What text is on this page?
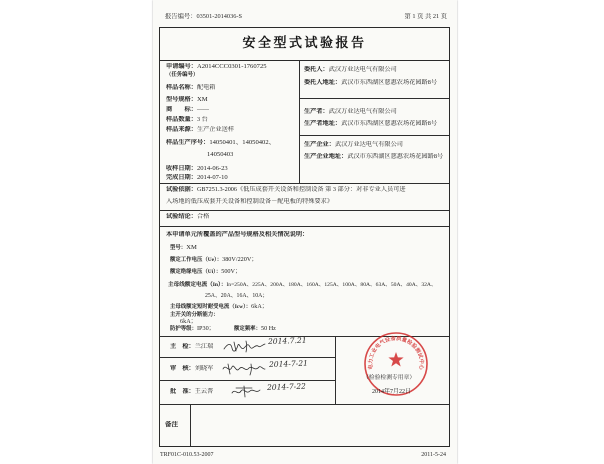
报告编号：03501-2014036-S	第 1 页 共 21 页
安全型式试验报告
申请编号：A2014CCC0301-1760725
（任务编号）
样品名称：配电箱
型号规格：XM
商　　标：——
样品数量：3 台
样品来源：生产企业送样
样品生产序号：14050401、14050402、
14050403
收样日期：2014-06-23
完成日期：2014-07-10
委托人：武汉万业达电气有限公司
委托人地址：武汉市东西湖区慈惠农场花园路8号
生产者：武汉万业达电气有限公司
生产者地址：武汉市东西湖区慈惠农场花园路8号
生产企业：武汉万业达电气有限公司
生产企业地址：武汉市东西湖区慈惠农场花园路8号
试验依据：GB7251.3-2006《低压成套开关设备和控制设备 第 3 部分：对非专业人员可进
入场地的低压成套开关设备和控制设备－配电板的特殊要求》
试验结论：合格
本申请单元所覆盖的产品型号规格及相关情况说明：
型号：XM
额定工作电压（Ue）：380V/220V；
额定绝缘电压（Ui）：500V；
主母线额定电流（In）：In=250A、225A、200A、180A、160A、125A、100A、80A、63A、50A、40A、32A、
25A、20A、16A、10A；
主母线额定短时耐受电流（Icw）：6kA；
主开关的分断能力：
6kA；
防护等级：IP30；	额定频率：50 Hz
主　检：兰江瑞
2014.7.21
审　核：刘晓军	2014-7-21
批　准：王云普	2014-7-22
电力工业电气设备质量检验测试中心
（检验检测专用章）
2014年7月22日
备注
TRF01C-010.53-2007	2011-5-24
